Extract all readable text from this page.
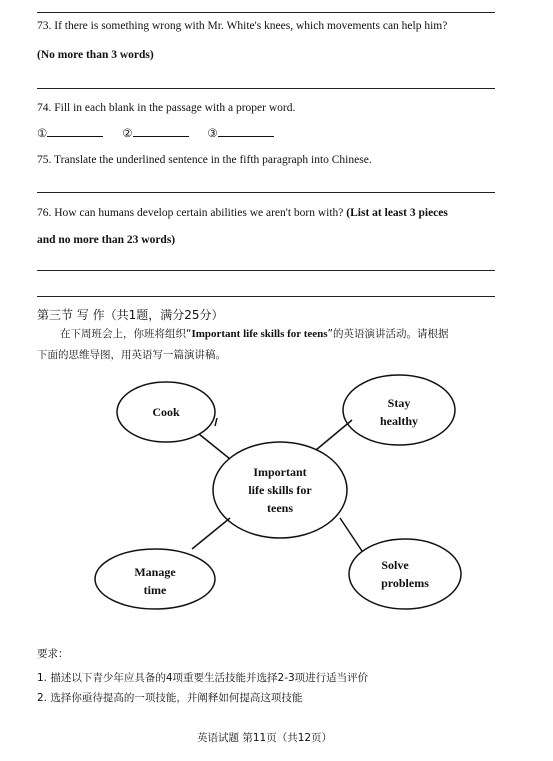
73. If there is something wrong with Mr. White's knees, which movements can help him?
(No more than 3 words)
74. Fill in each blank in the passage with a proper word.
①	②	③
75. Translate the underlined sentence in the fifth paragraph into Chinese.
76. How can humans develop certain abilities we aren't born with? (List at least 3 pieces
and no more than 23 words)
第三节 写 作（共1题，满分25分）
在下周班会上，你班将组织“Important life skills for teens”的英语演讲活动。请根据
下面的思维导图，用英语写一篇演讲稿。
Important
life skills for
teens
Cook
Stay
healthy
Manage
time
Solve
problems
要求：
1. 描述以下青少年应具备的4项重要生活技能并选择2-3项进行适当评价
2. 选择你亟待提高的一项技能，并阐释如何提高这项技能
英语试题 第11页（共12页）
